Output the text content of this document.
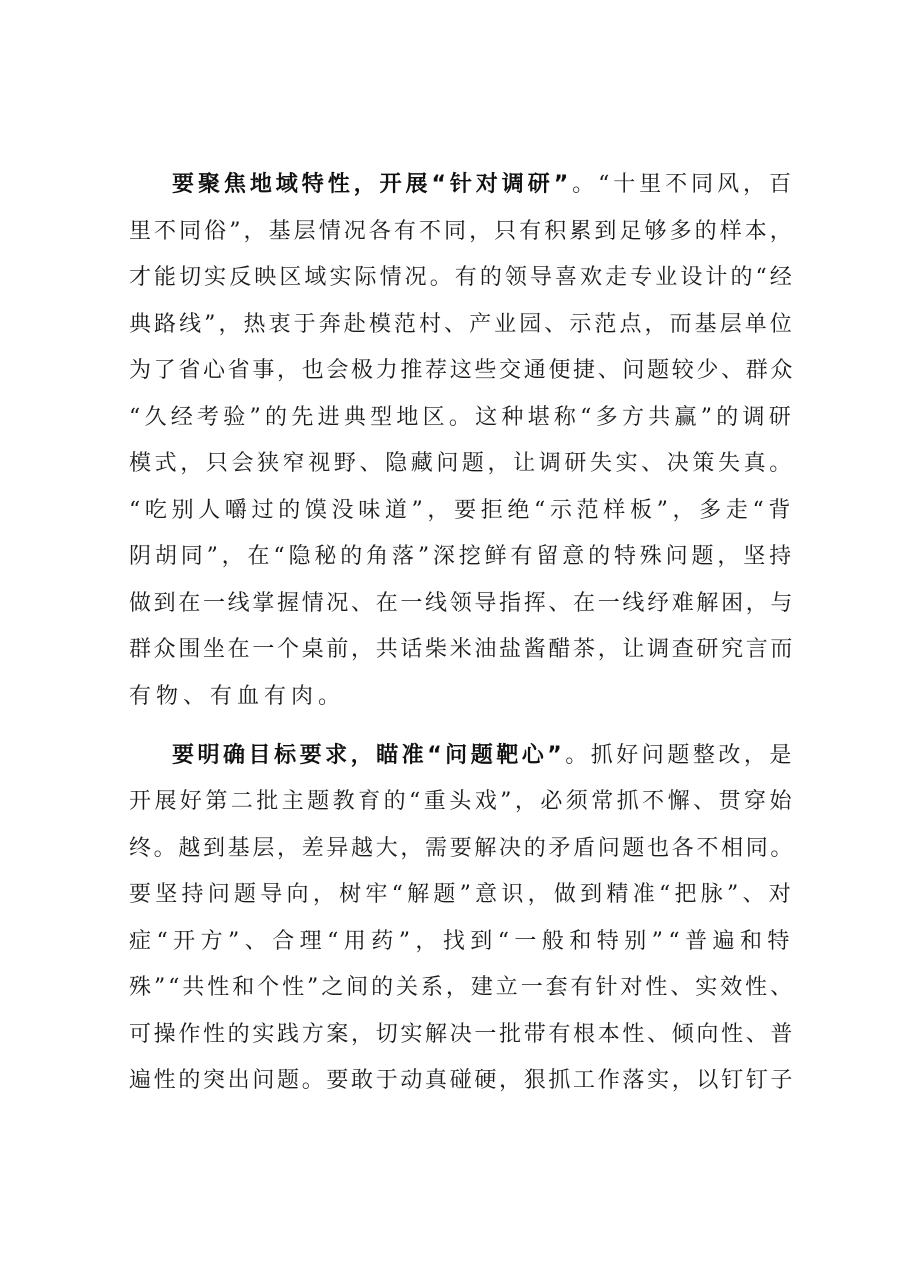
要聚焦地域特性，开展“针对调研”。“十里不同风，百
里不同俗”，基层情况各有不同，只有积累到足够多的样本，
才能切实反映区域实际情况。有的领导喜欢走专业设计的“经
典路线”，热衷于奔赴模范村、产业园、示范点，而基层单位
为了省心省事，也会极力推荐这些交通便捷、问题较少、群众
“久经考验”的先进典型地区。这种堪称“多方共赢”的调研
模式，只会狭窄视野、隐藏问题，让调研失实、决策失真。
“吃别人嚼过的馍没味道”，要拒绝“示范样板”，多走“背
阴胡同”，在“隐秘的角落”深挖鲜有留意的特殊问题，坚持
做到在一线掌握情况、在一线领导指挥、在一线纾难解困，与
群众围坐在一个桌前，共话柴米油盐酱醋茶，让调查研究言而
有物、有血有肉。
要明确目标要求，瞄准“问题靶心”。抓好问题整改，是
开展好第二批主题教育的“重头戏”，必须常抓不懈、贯穿始
终。越到基层，差异越大，需要解决的矛盾问题也各不相同。
要坚持问题导向，树牢“解题”意识，做到精准“把脉”、对
症“开方”、合理“用药”，找到“一般和特别”“普遍和特
殊”“共性和个性”之间的关系，建立一套有针对性、实效性、
可操作性的实践方案，切实解决一批带有根本性、倾向性、普
遍性的突出问题。要敢于动真碰硬，狠抓工作落实，以钉钉子
